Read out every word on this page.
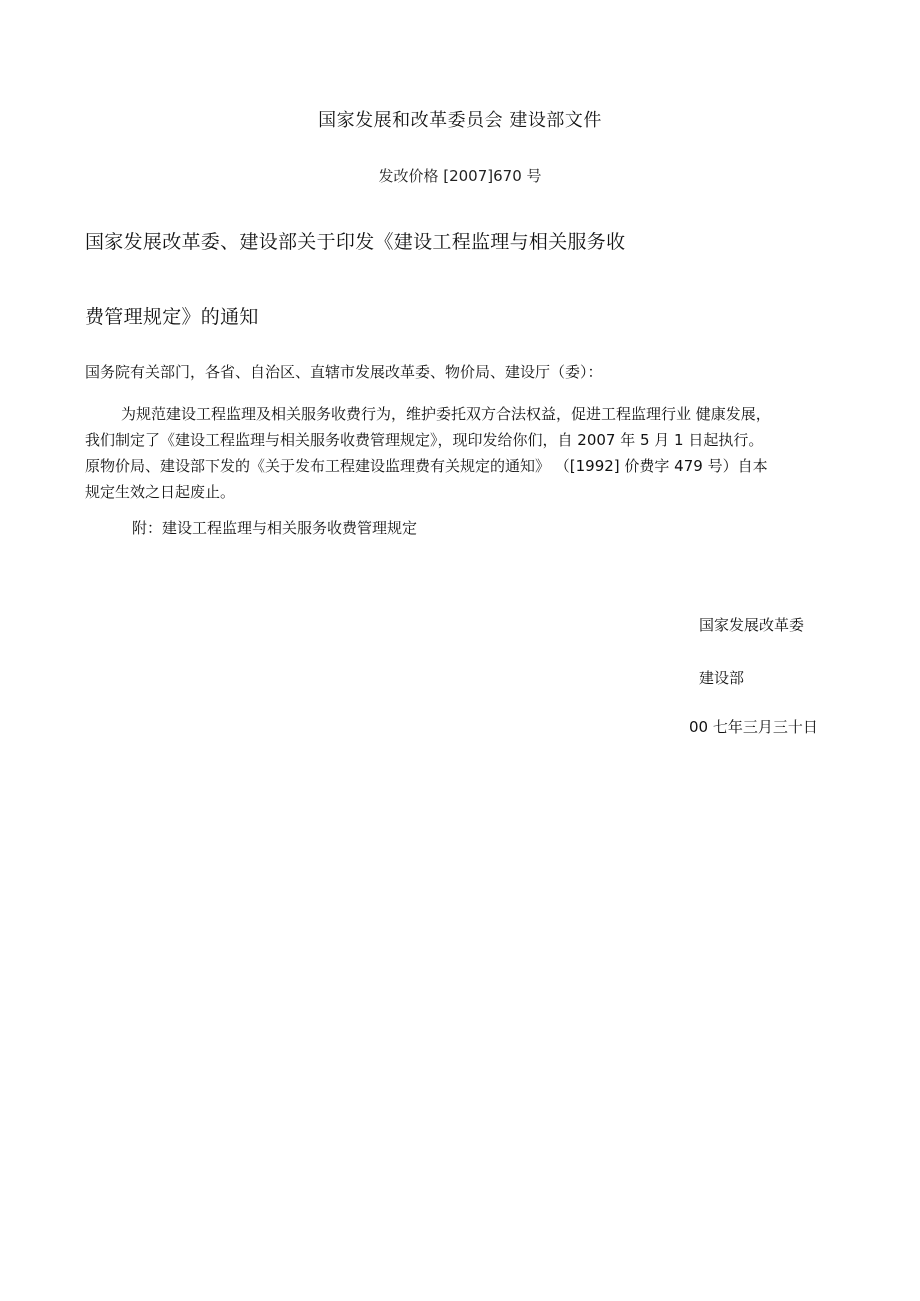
国家发展和改革委员会 建设部文件
发改价格 [2007]670 号
国家发展改革委、建设部关于印发《建设工程监理与相关服务收
费管理规定》的通知
国务院有关部门，各省、自治区、直辖市发展改革委、物价局、建设厅（委）：
为规范建设工程监理及相关服务收费行为，维护委托双方合法权益，促进工程监理行业 健康发展，
我们制定了《建设工程监理与相关服务收费管理规定》，现印发给你们，自 2007 年 5 月 1 日起执行。
原物价局、建设部下发的《关于发布工程建设监理费有关规定的通知》 （[1992] 价费字 479 号）自本
规定生效之日起废止。
附：建设工程监理与相关服务收费管理规定
国家发展改革委
建设部
00 七年三月三十日
